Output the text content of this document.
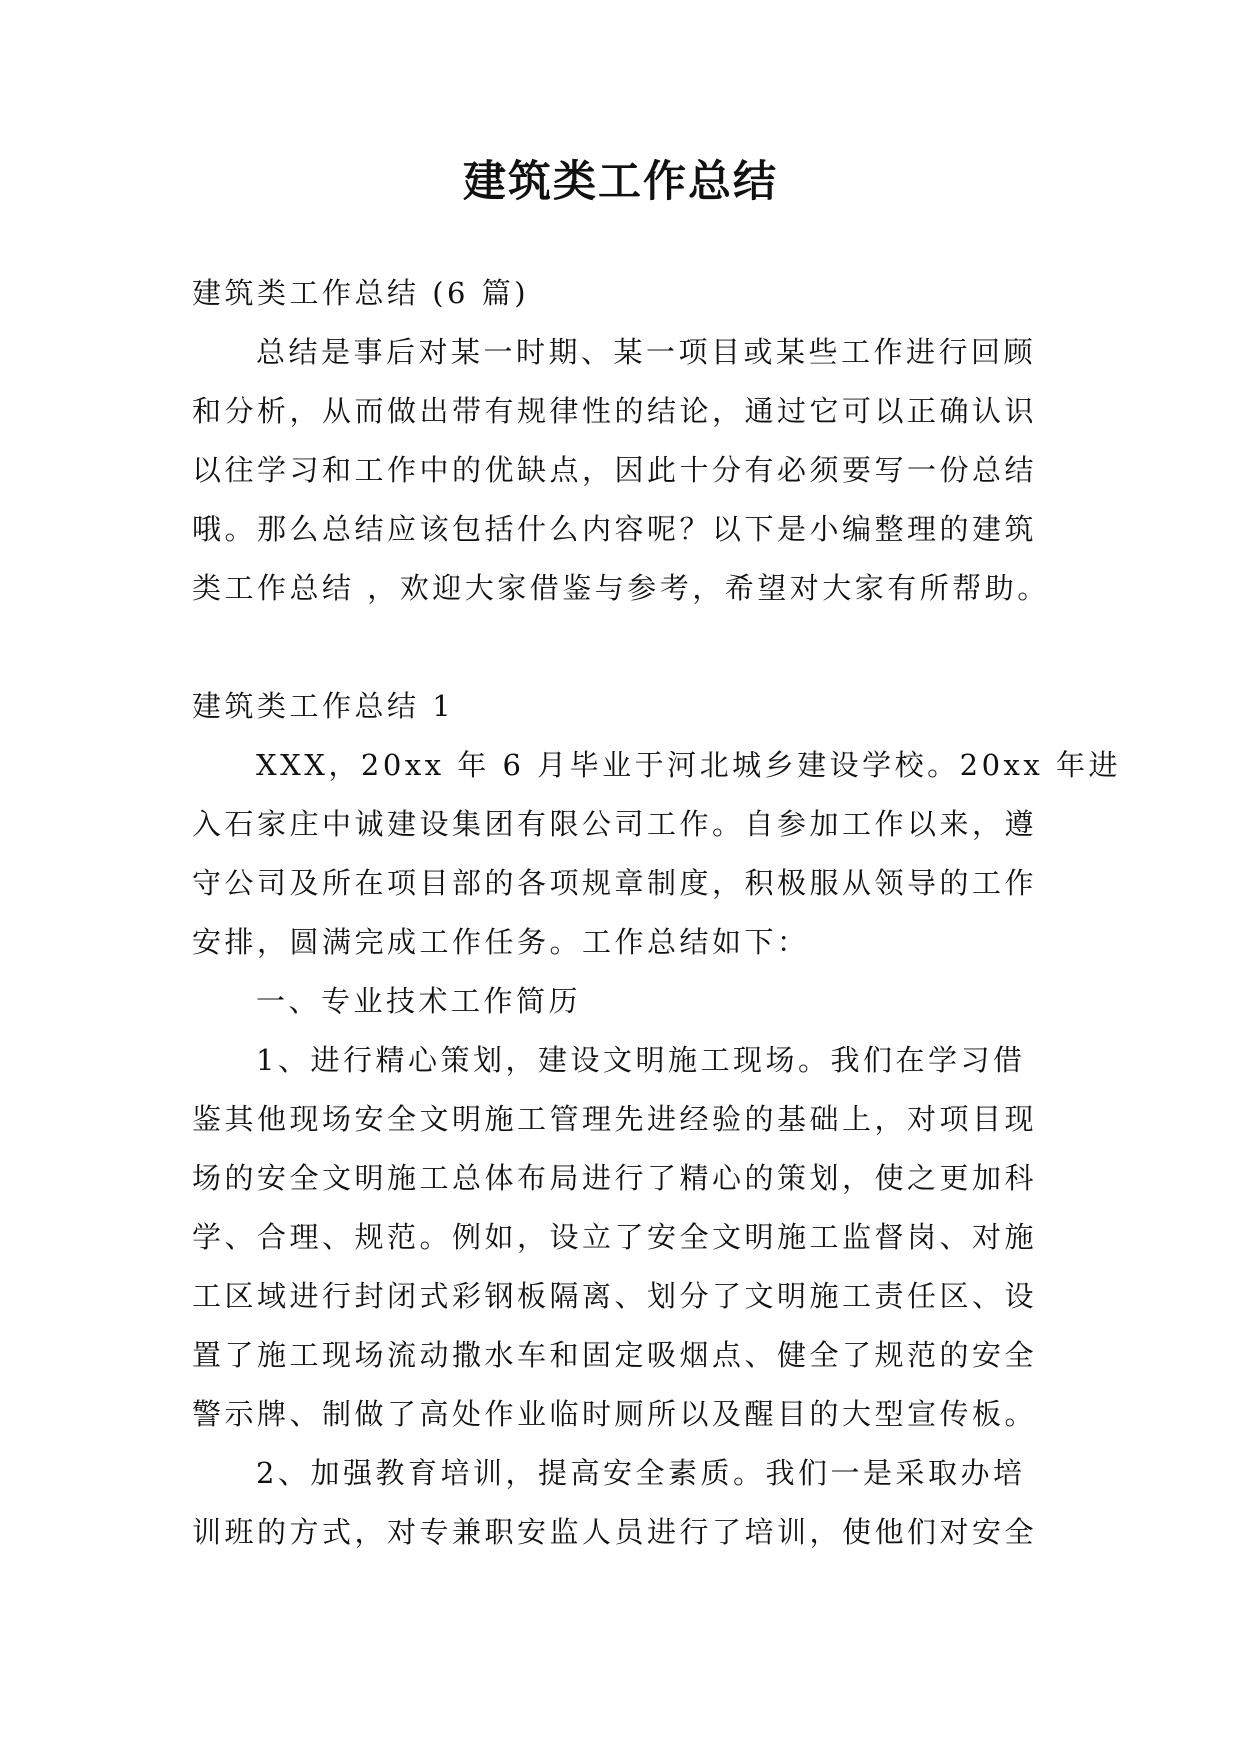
建筑类工作总结

建筑类工作总结 (6 篇)

总结是事后对某一时期、某一项目或某些工作进行回顾

和分析，从而做出带有规律性的结论，通过它可以正确认识

以往学习和工作中的优缺点，因此十分有必须要写一份总结

哦。那么总结应该包括什么内容呢？以下是小编整理的建筑

类工作总结 ，欢迎大家借鉴与参考，希望对大家有所帮助。

建筑类工作总结 1

XXX，20xx 年 6 月毕业于河北城乡建设学校。20xx 年进

入石家庄中诚建设集团有限公司工作。自参加工作以来，遵

守公司及所在项目部的各项规章制度，积极服从领导的工作

安排，圆满完成工作任务。工作总结如下：

一、专业技术工作简历

1、进行精心策划，建设文明施工现场。我们在学习借

鉴其他现场安全文明施工管理先进经验的基础上，对项目现

场的安全文明施工总体布局进行了精心的策划，使之更加科

学、合理、规范。例如，设立了安全文明施工监督岗、对施

工区域进行封闭式彩钢板隔离、划分了文明施工责任区、设

置了施工现场流动撒水车和固定吸烟点、健全了规范的安全

警示牌、制做了高处作业临时厕所以及醒目的大型宣传板。

2、加强教育培训，提高安全素质。我们一是采取办培

训班的方式，对专兼职安监人员进行了培训，使他们对安全
